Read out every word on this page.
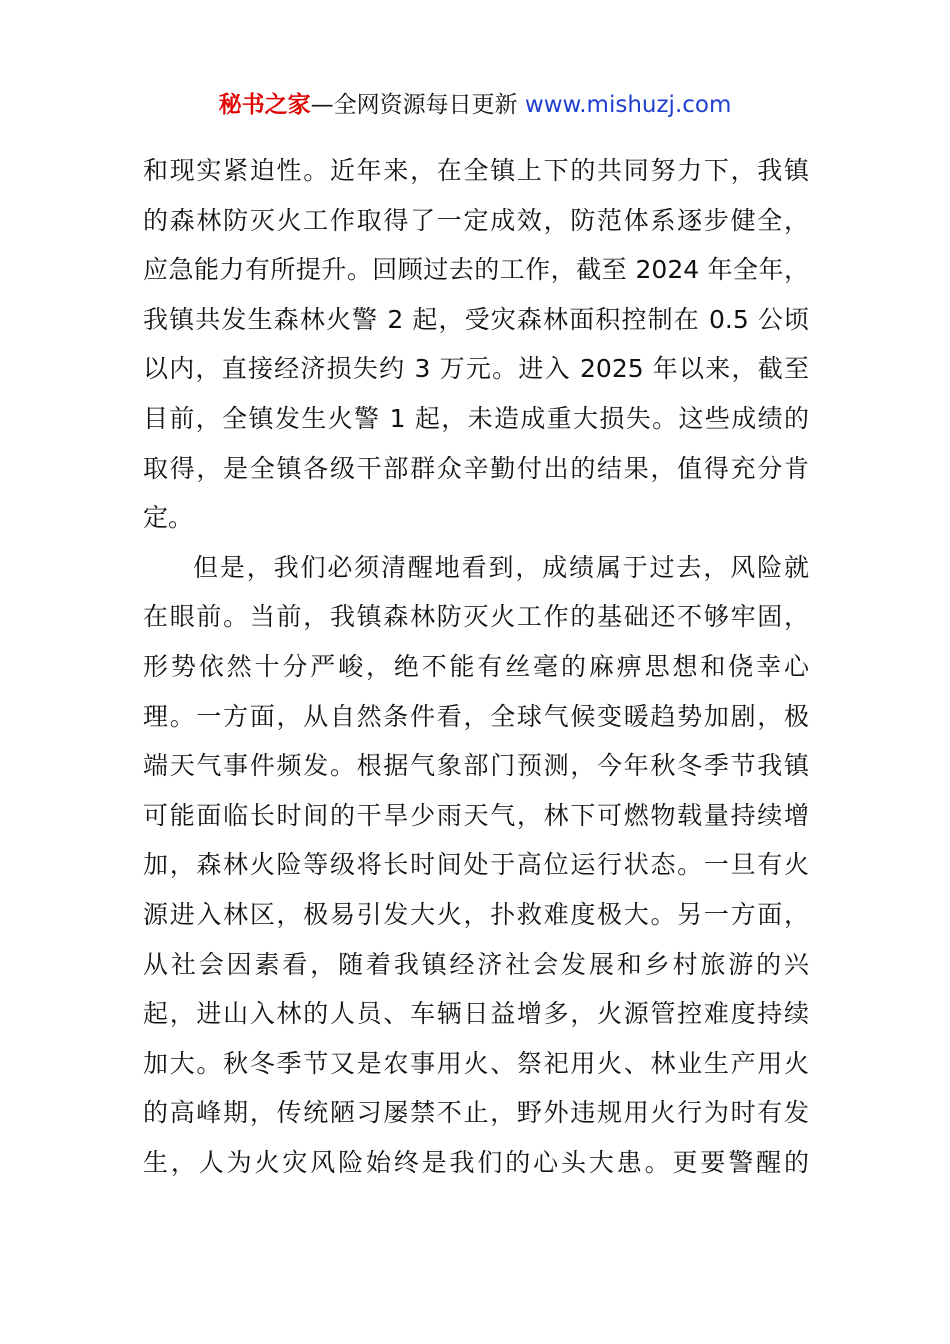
秘书之家—全网资源每日更新 www.mishuzj.com
和现实紧迫性。近年来，在全镇上下的共同努力下，我镇
的森林防灭火工作取得了一定成效，防范体系逐步健全，
应急能力有所提升。回顾过去的工作，截至 2024 年全年，
我镇共发生森林火警 2 起，受灾森林面积控制在 0.5 公顷
以内，直接经济损失约 3 万元。进入 2025 年以来，截至
目前，全镇发生火警 1 起，未造成重大损失。这些成绩的
取得，是全镇各级干部群众辛勤付出的结果，值得充分肯
定。
但是，我们必须清醒地看到，成绩属于过去，风险就
在眼前。当前，我镇森林防灭火工作的基础还不够牢固，
形势依然十分严峻，绝不能有丝毫的麻痹思想和侥幸心
理。一方面，从自然条件看，全球气候变暖趋势加剧，极
端天气事件频发。根据气象部门预测，今年秋冬季节我镇
可能面临长时间的干旱少雨天气，林下可燃物载量持续增
加，森林火险等级将长时间处于高位运行状态。一旦有火
源进入林区，极易引发大火，扑救难度极大。另一方面，
从社会因素看，随着我镇经济社会发展和乡村旅游的兴
起，进山入林的人员、车辆日益增多，火源管控难度持续
加大。秋冬季节又是农事用火、祭祀用火、林业生产用火
的高峰期，传统陋习屡禁不止，野外违规用火行为时有发
生，人为火灾风险始终是我们的心头大患。更要警醒的
